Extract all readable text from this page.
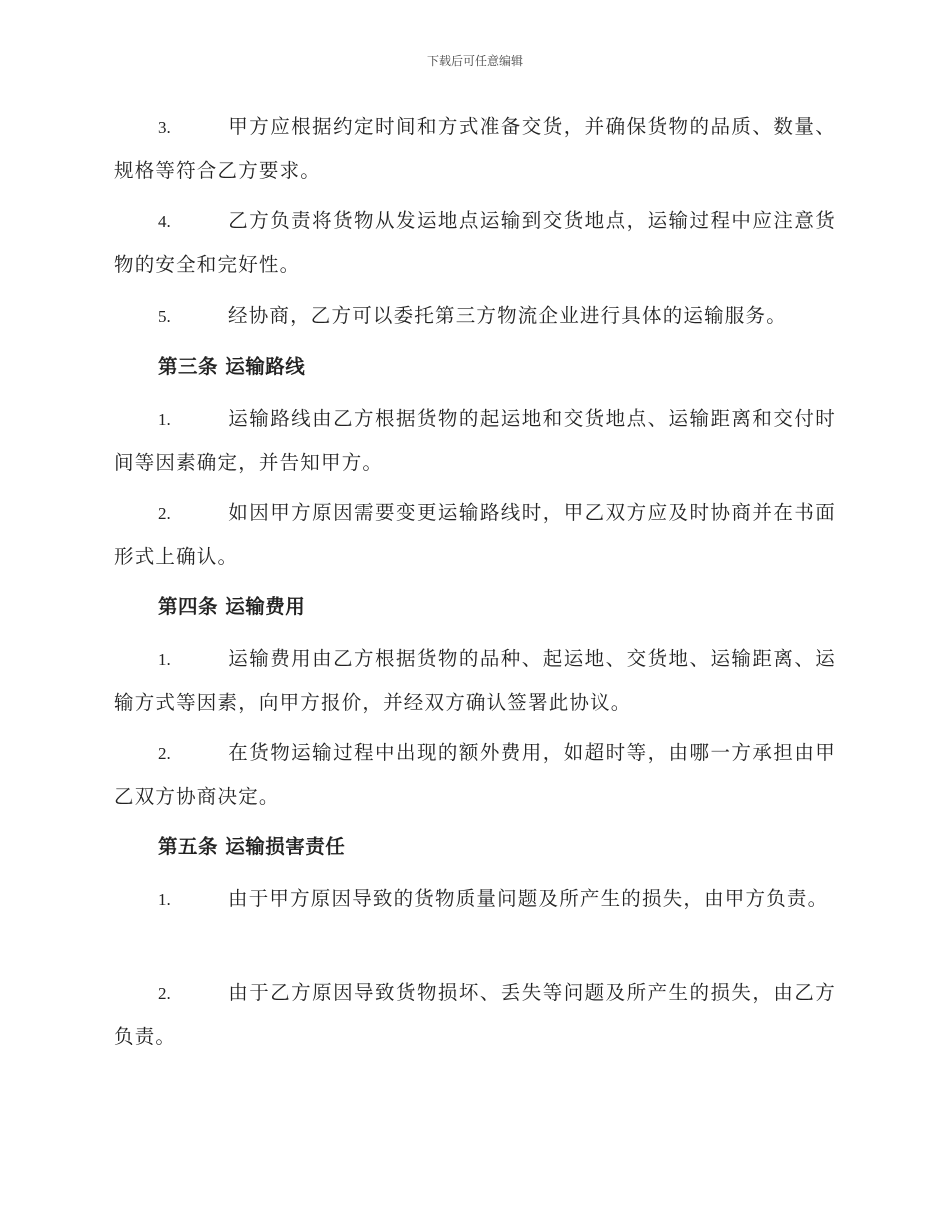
下载后可任意编辑
3.	甲方应根据约定时间和方式准备交货，并确保货物的品质、数量、规格等符合乙方要求。
4.	乙方负责将货物从发运地点运输到交货地点，运输过程中应注意货物的安全和完好性。
5.	经协商，乙方可以委托第三方物流企业进行具体的运输服务。
第三条 运输路线
1.	运输路线由乙方根据货物的起运地和交货地点、运输距离和交付时间等因素确定，并告知甲方。
2.	如因甲方原因需要变更运输路线时，甲乙双方应及时协商并在书面形式上确认。
第四条 运输费用
1.	运输费用由乙方根据货物的品种、起运地、交货地、运输距离、运输方式等因素，向甲方报价，并经双方确认签署此协议。
2.	在货物运输过程中出现的额外费用，如超时等，由哪一方承担由甲乙双方协商决定。
第五条 运输损害责任
1.	由于甲方原因导致的货物质量问题及所产生的损失，由甲方负责。
2.	由于乙方原因导致货物损坏、丢失等问题及所产生的损失，由乙方负责。
